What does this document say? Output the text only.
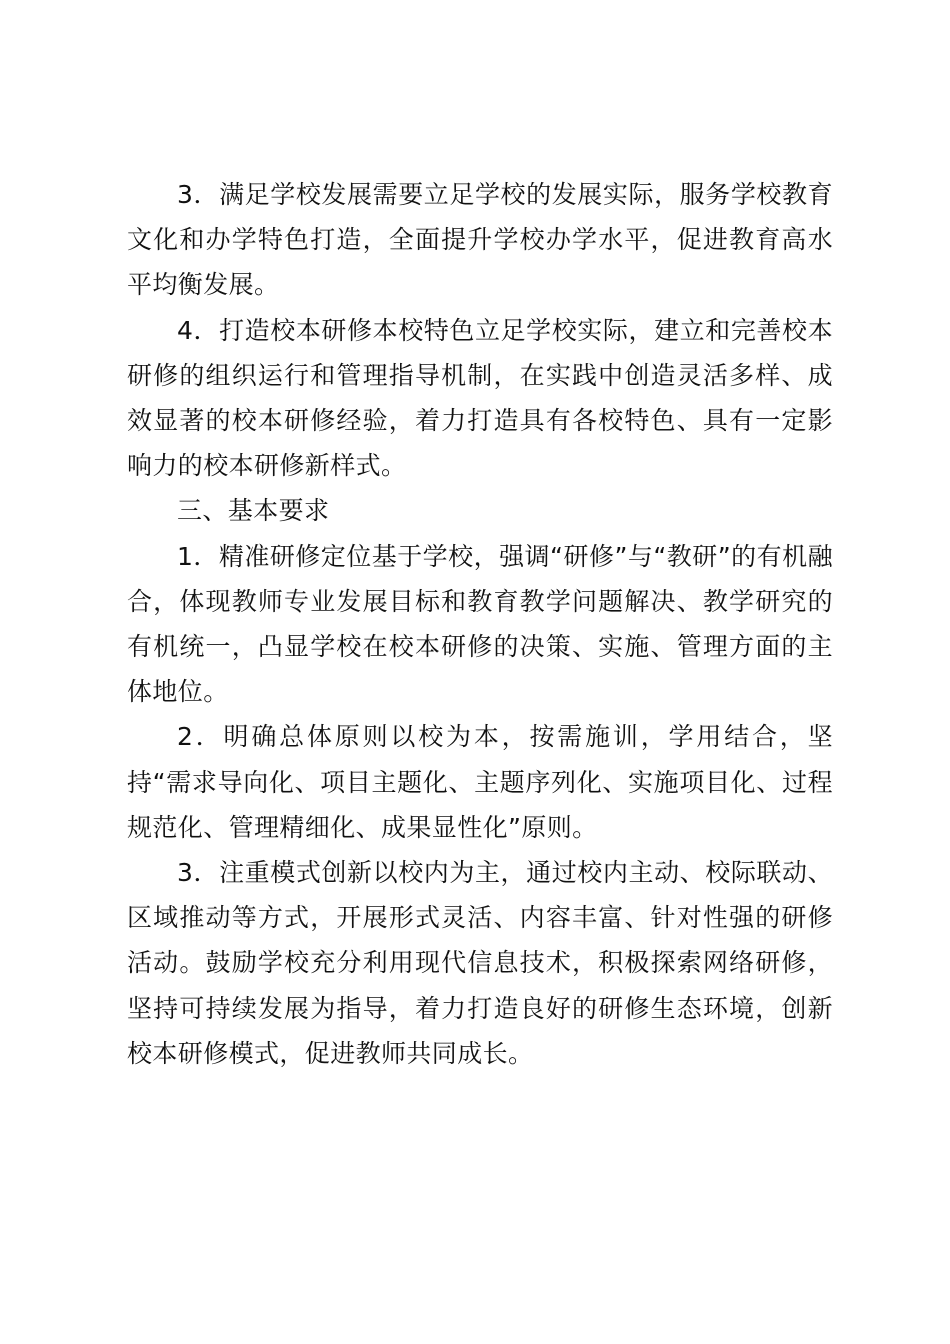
3．满足学校发展需要立足学校的发展实际，服务学校教育文化和办学特色打造，全面提升学校办学水平，促进教育高水平均衡发展。

4．打造校本研修本校特色立足学校实际，建立和完善校本研修的组织运行和管理指导机制，在实践中创造灵活多样、成效显著的校本研修经验，着力打造具有各校特色、具有一定影响力的校本研修新样式。

三、基本要求

1．精准研修定位基于学校，强调“研修”与“教研”的有机融合，体现教师专业发展目标和教育教学问题解决、教学研究的有机统一，凸显学校在校本研修的决策、实施、管理方面的主体地位。

2．明确总体原则以校为本，按需施训，学用结合，坚持“需求导向化、项目主题化、主题序列化、实施项目化、过程规范化、管理精细化、成果显性化”原则。

3．注重模式创新以校内为主，通过校内主动、校际联动、区域推动等方式，开展形式灵活、内容丰富、针对性强的研修活动。鼓励学校充分利用现代信息技术，积极探索网络研修，坚持可持续发展为指导，着力打造良好的研修生态环境，创新校本研修模式，促进教师共同成长。
